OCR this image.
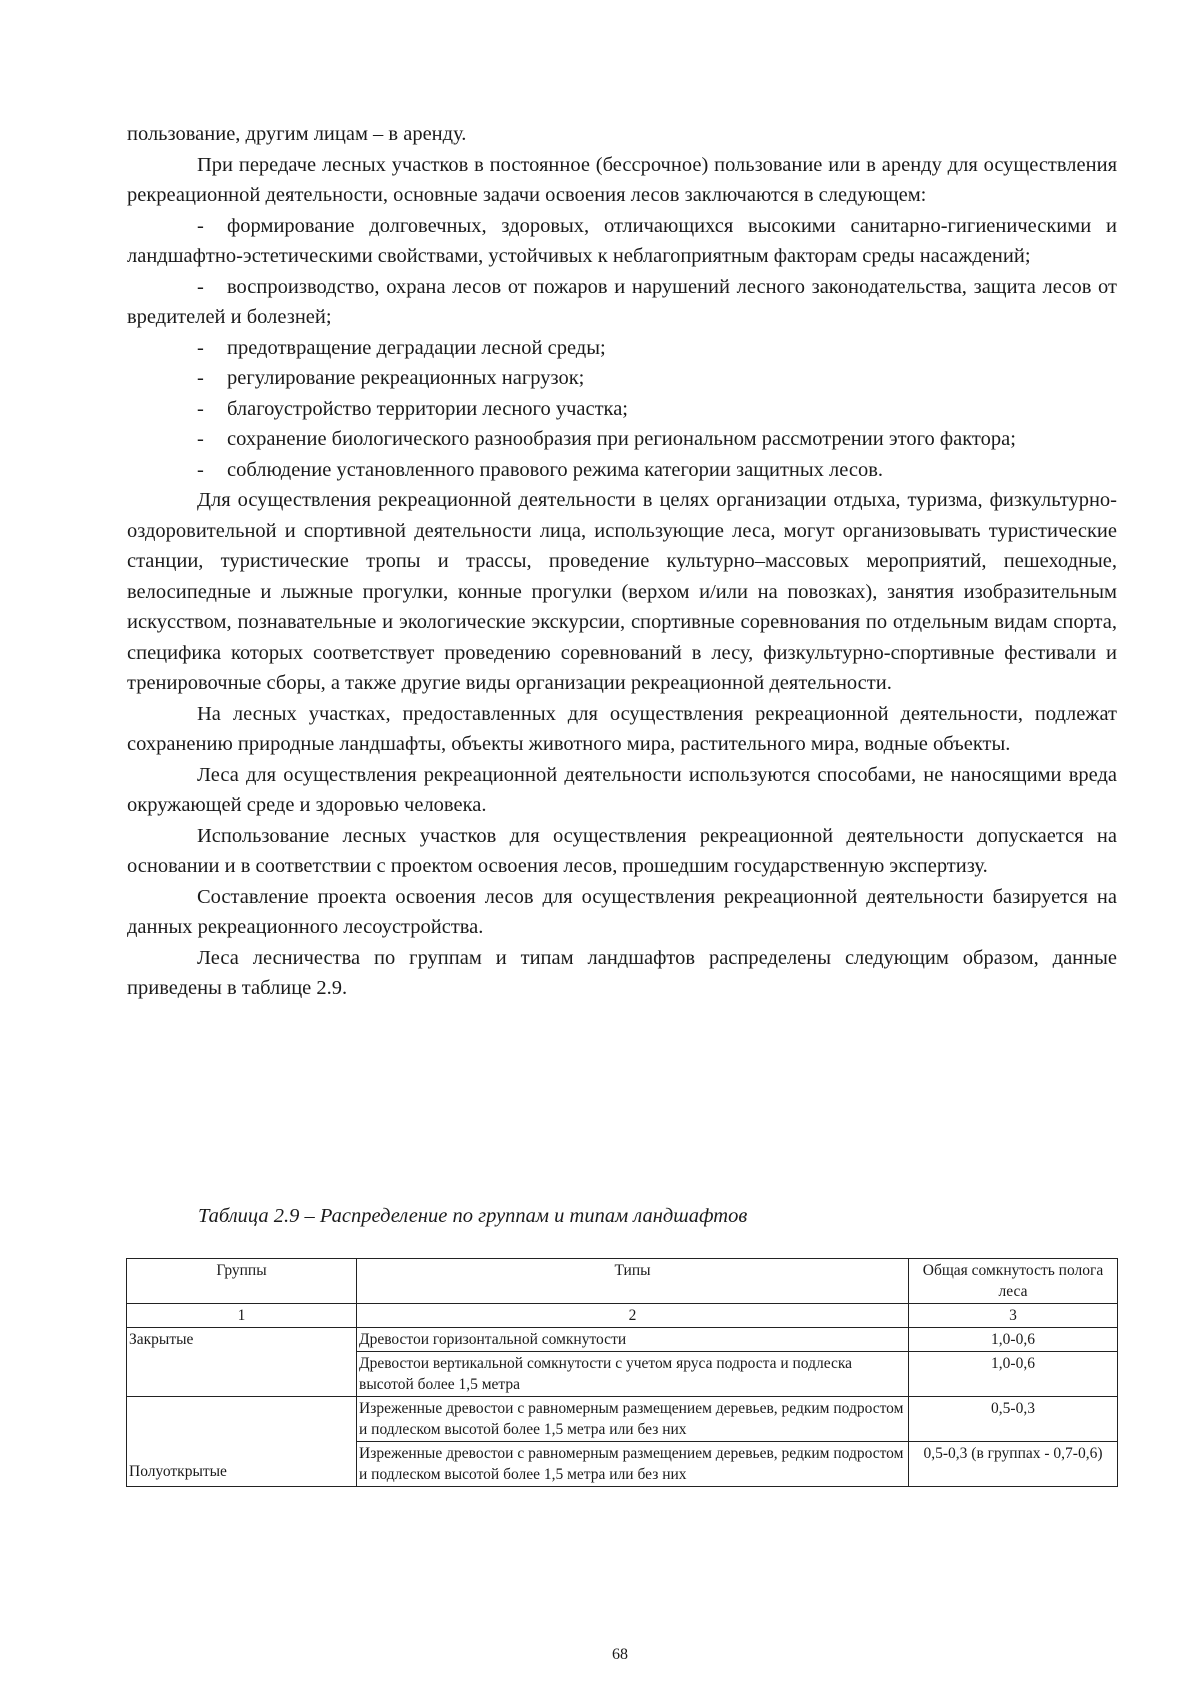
пользование, другим лицам – в аренду.

При передаче лесных участков в постоянное (бессрочное) пользование или в аренду для осуществления рекреационной деятельности, основные задачи освоения лесов заключаются в следующем:

- формирование долговечных, здоровых, отличающихся высокими санитарно-гигиеническими и ландшафтно-эстетическими свойствами, устойчивых к неблагоприятным факторам среды насаждений;

- воспроизводство, охрана лесов от пожаров и нарушений лесного законодательства, защита лесов от вредителей и болезней;

- предотвращение деградации лесной среды;

- регулирование рекреационных нагрузок;

- благоустройство территории лесного участка;

- сохранение биологического разнообразия при региональном рассмотрении этого фактора;

- соблюдение установленного правового режима категории защитных лесов.

Для осуществления рекреационной деятельности в целях организации отдыха, туризма, физкультурно-оздоровительной и спортивной деятельности лица, использующие леса, могут организовывать туристические станции, туристические тропы и трассы, проведение культурно–массовых мероприятий, пешеходные, велосипедные и лыжные прогулки, конные прогулки (верхом и/или на повозках), занятия изобразительным искусством, познавательные и экологические экскурсии, спортивные соревнования по отдельным видам спорта, специфика которых соответствует проведению соревнований в лесу, физкультурно-спортивные фестивали и тренировочные сборы, а также другие виды организации рекреационной деятельности.

На лесных участках, предоставленных для осуществления рекреационной деятельности, подлежат сохранению природные ландшафты, объекты животного мира, растительного мира, водные объекты.

Леса для осуществления рекреационной деятельности используются способами, не наносящими вреда окружающей среде и здоровью человека.

Использование лесных участков для осуществления рекреационной деятельности допускается на основании и в соответствии с проектом освоения лесов, прошедшим государственную экспертизу.

Составление проекта освоения лесов для осуществления рекреационной деятельности базируется на данных рекреационного лесоустройства.

Леса лесничества по группам и типам ландшафтов распределены следующим образом, данные приведены в таблице 2.9.

Таблица 2.9 – Распределение по группам и типам ландшафтов
Группы	Типы	Общая сомкнутость полога леса
1	2	3
Закрытые	Древостои горизонтальной сомкнутости	1,0-0,6
	Древостои вертикальной сомкнутости с учетом яруса подроста и подлеска высотой более 1,5 метра	1,0-0,6

Полуоткрытые	Изреженные древостои с равномерным размещением деревьев, редким подростом и подлеском высотой более 1,5 метра или без них	0,5-0,3
	Изреженные древостои с равномерным размещением деревьев, редким подростом и подлеском высотой более 1,5 метра или без них	0,5-0,3 (в группах - 0,7-0,6)
68
